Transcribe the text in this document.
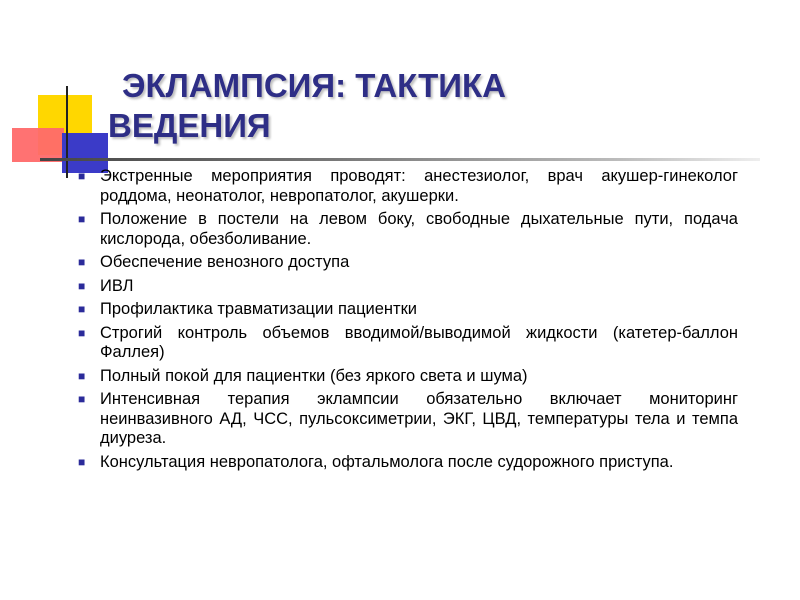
ЭКЛАМПСИЯ: ТАКТИКА
ВЕДЕНИЯ
■ Экстренные мероприятия проводят: анестезиолог, врач акушер-гинеколог роддома, неонатолог, невропатолог, акушерки.
■ Положение в постели на левом боку, свободные дыхательные пути, подача кислорода, обезболивание.
■ Обеспечение венозного доступа
■ ИВЛ
■ Профилактика травматизации пациентки
■ Строгий контроль объемов вводимой/выводимой жидкости (катетер-баллон Фаллея)
■ Полный покой для пациентки (без яркого света и шума)
■ Интенсивная терапия эклампсии обязательно включает мониторинг неинвазивного АД, ЧСС, пульсоксиметрии, ЭКГ, ЦВД, температуры тела и темпа диуреза.
■ Консультация невропатолога, офтальмолога после судорожного приступа.
